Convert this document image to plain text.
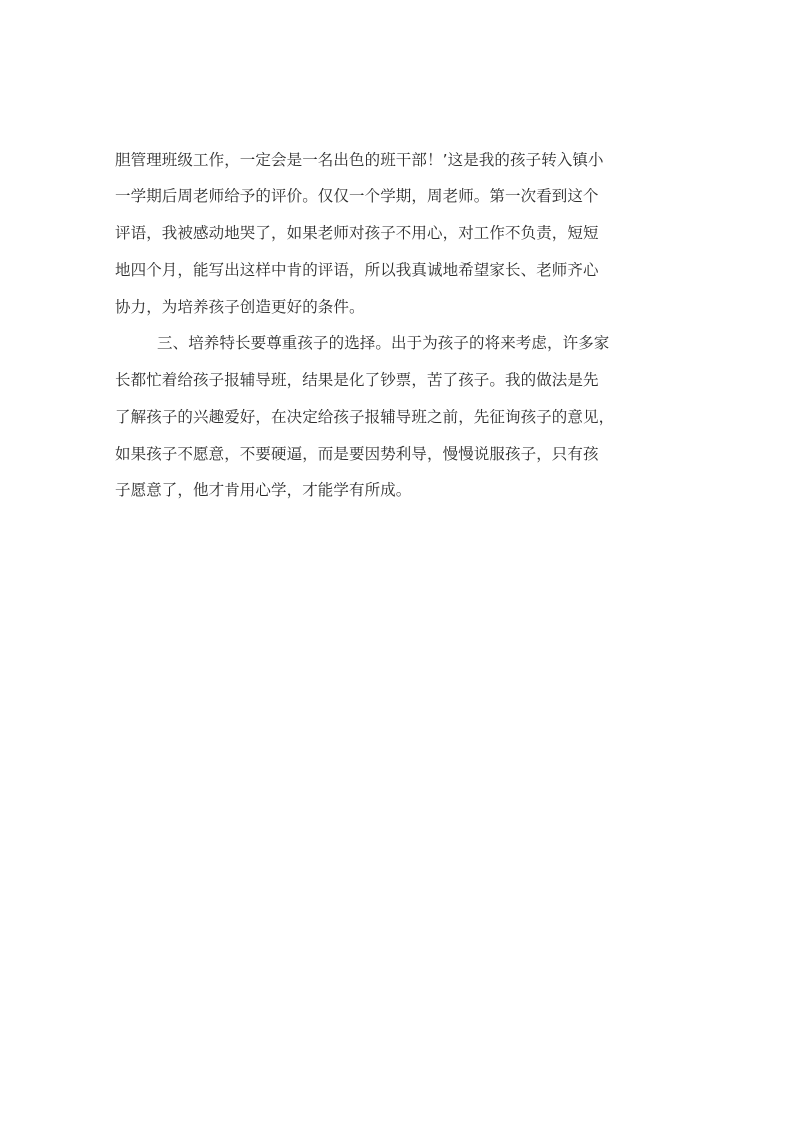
胆管理班级工作，一定会是一名出色的班干部！’这是我的孩子转入镇小
一学期后周老师给予的评价。仅仅一个学期，周老师。第一次看到这个
评语，我被感动地哭了，如果老师对孩子不用心，对工作不负责，短短
地四个月，能写出这样中肯的评语，所以我真诚地希望家长、老师齐心
协力，为培养孩子创造更好的条件。
三、培养特长要尊重孩子的选择。出于为孩子的将来考虑，许多家
长都忙着给孩子报辅导班，结果是化了钞票，苦了孩子。我的做法是先
了解孩子的兴趣爱好，在决定给孩子报辅导班之前，先征询孩子的意见，
如果孩子不愿意，不要硬逼，而是要因势利导，慢慢说服孩子，只有孩
子愿意了，他才肯用心学，才能学有所成。
